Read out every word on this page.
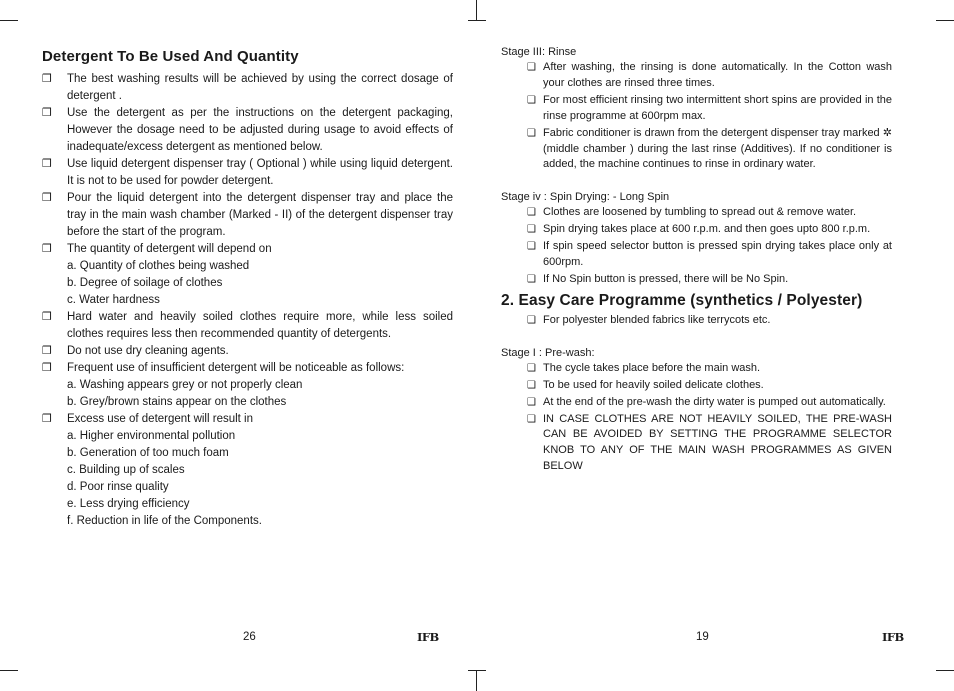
Detergent To Be Used And Quantity
❒ The best washing results will be achieved by using the correct dosage of detergent .
❒ Use the detergent as per the instructions on the detergent packaging, However the dosage need to be adjusted during usage to avoid effects of inadequate/excess detergent as mentioned below.
❒ Use liquid detergent dispenser tray ( Optional ) while using liquid detergent. It is not to be used for powder detergent.
❒ Pour the liquid detergent into the detergent dispenser tray and place the tray in the main wash chamber (Marked - II) of the detergent dispenser tray before the start of the program.
❒ The quantity of detergent will depend on
a. Quantity of clothes being washed
b. Degree of soilage of clothes
c. Water hardness
❒ Hard water and heavily soiled clothes require more, while less soiled clothes requires less then recommended quantity of detergents.
❒ Do not use dry cleaning agents.
❒ Frequent use of insufficient detergent will be noticeable as follows:
a. Washing appears grey or not properly clean
b. Grey/brown stains appear on the clothes
❒ Excess use of detergent will result in
a. Higher environmental pollution
b. Generation of too much foam
c. Building up of scales
d. Poor rinse quality
e. Less drying efficiency
f. Reduction in life of the Components.
Stage III: Rinse
❑ After washing, the rinsing is done automatically. In the Cotton wash your clothes are rinsed three times.
❑ For most efficient rinsing two intermittent short spins are provided in the rinse programme at 600rpm max.
❑ Fabric conditioner is drawn from the detergent dispenser tray marked ✲ (middle chamber ) during the last rinse (Additives). If no conditioner is added, the machine continues to rinse in ordinary water.
Stage iv : Spin Drying: - Long Spin
❑ Clothes are loosened by tumbling to spread out & remove water.
❑ Spin drying takes place at 600 r.p.m. and then goes upto 800 r.p.m.
❑ If spin speed selector button is pressed spin drying takes place only at 600rpm.
❑ If No Spin button is pressed, there will be No Spin.
2. Easy Care Programme (synthetics / Polyester)
❑ For polyester blended fabrics like terrycots etc.
Stage I : Pre-wash:
❑ The cycle takes place before the main wash.
❑ To be used for heavily soiled delicate clothes.
❑ At the end of the pre-wash the dirty water is pumped out automatically.
❑ IN CASE CLOTHES ARE NOT HEAVILY SOILED, THE PRE-WASH CAN BE AVOIDED BY SETTING THE PROGRAMME SELECTOR KNOB TO ANY OF THE MAIN WASH PROGRAMMES AS GIVEN BELOW
26	IFB	19	IFB
